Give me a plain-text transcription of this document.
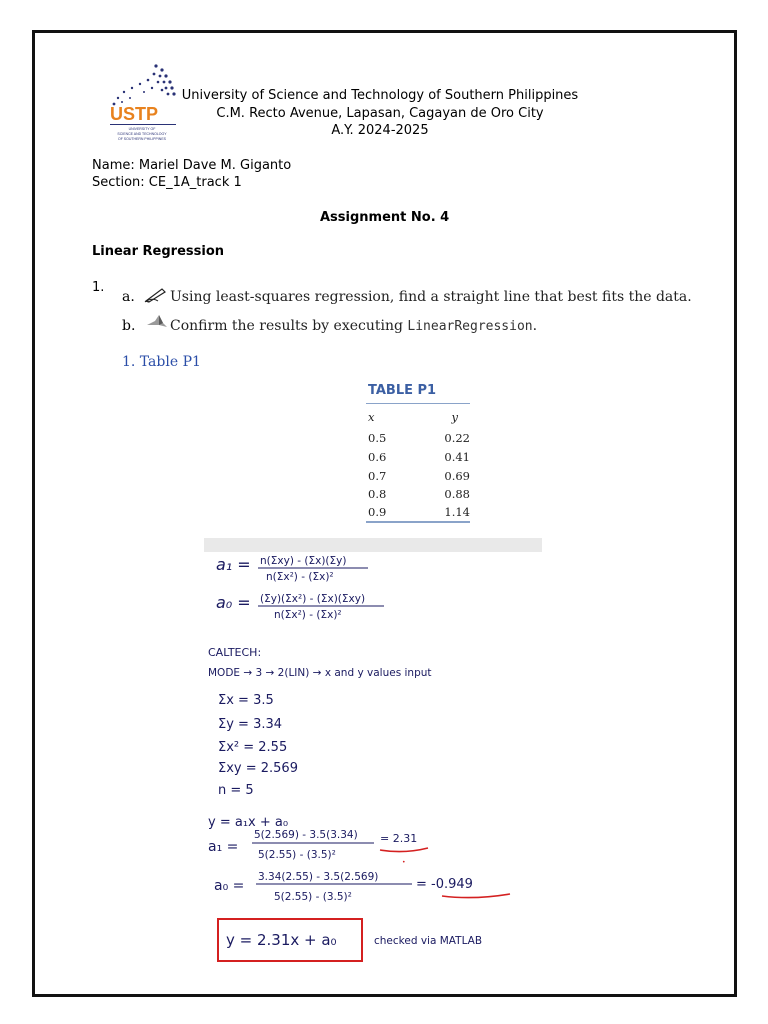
USTP
UNIVERSITY OF
SCIENCE AND TECHNOLOGY
OF SOUTHERN PHILIPPINES
University of Science and Technology of Southern Philippines
C.M. Recto Avenue, Lapasan, Cagayan de Oro City
A.Y. 2024-2025
Name: Mariel Dave M. Giganto
Section: CE_1A_track 1
Assignment No. 4
Linear Regression
1.
a.	Using least-squares regression, find a straight line that best fits the data.
b. Confirm the results by executing LinearRegression.
1. Table P1
TABLE P1
x	y
0.5	0.22
0.6	0.41
0.7	0.69
0.8	0.88
0.9	1.14
a₁ = n(Σxy) - (Σx)(Σy)
n(Σx²) - (Σx)²
a₀ = (Σy)(Σx²) - (Σx)(Σxy)
n(Σx²) - (Σx)²
CALTECH:
MODE → 3 → 2(LIN) → x and y values input
Σx = 3.5
Σy = 3.34
Σx² = 2.55
Σxy = 2.569
n = 5
y = a₁x + a₀
a₁ =
5(2.569) - 3.5(3.34)
5(2.55) - (3.5)²
= 2.31
•
a₀ =
3.34(2.55) - 3.5(2.569)
5(2.55) - (3.5)²
= -0.949
y = 2.31x + a₀	checked via MATLAB
